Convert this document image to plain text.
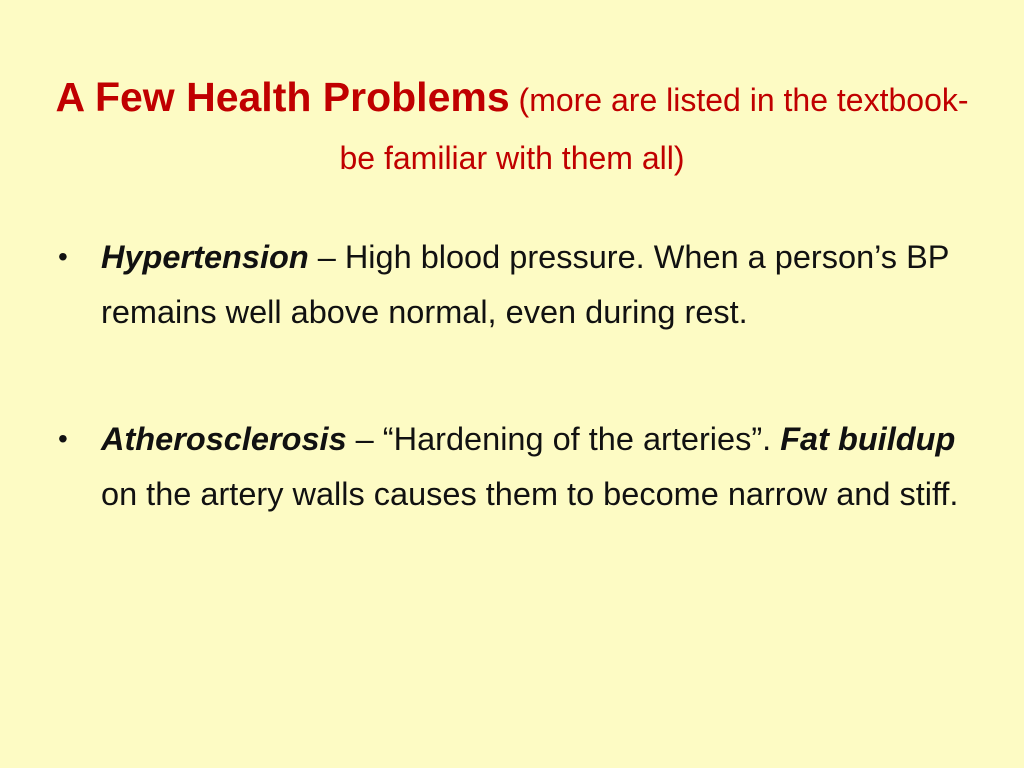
A Few Health Problems (more are listed in the textbook- be familiar with them all)
• Hypertension – High blood pressure. When a person’s BP remains well above normal, even during rest.
• Atherosclerosis – “Hardening of the arteries”. Fat buildup on the artery walls causes them to become narrow and stiff.
